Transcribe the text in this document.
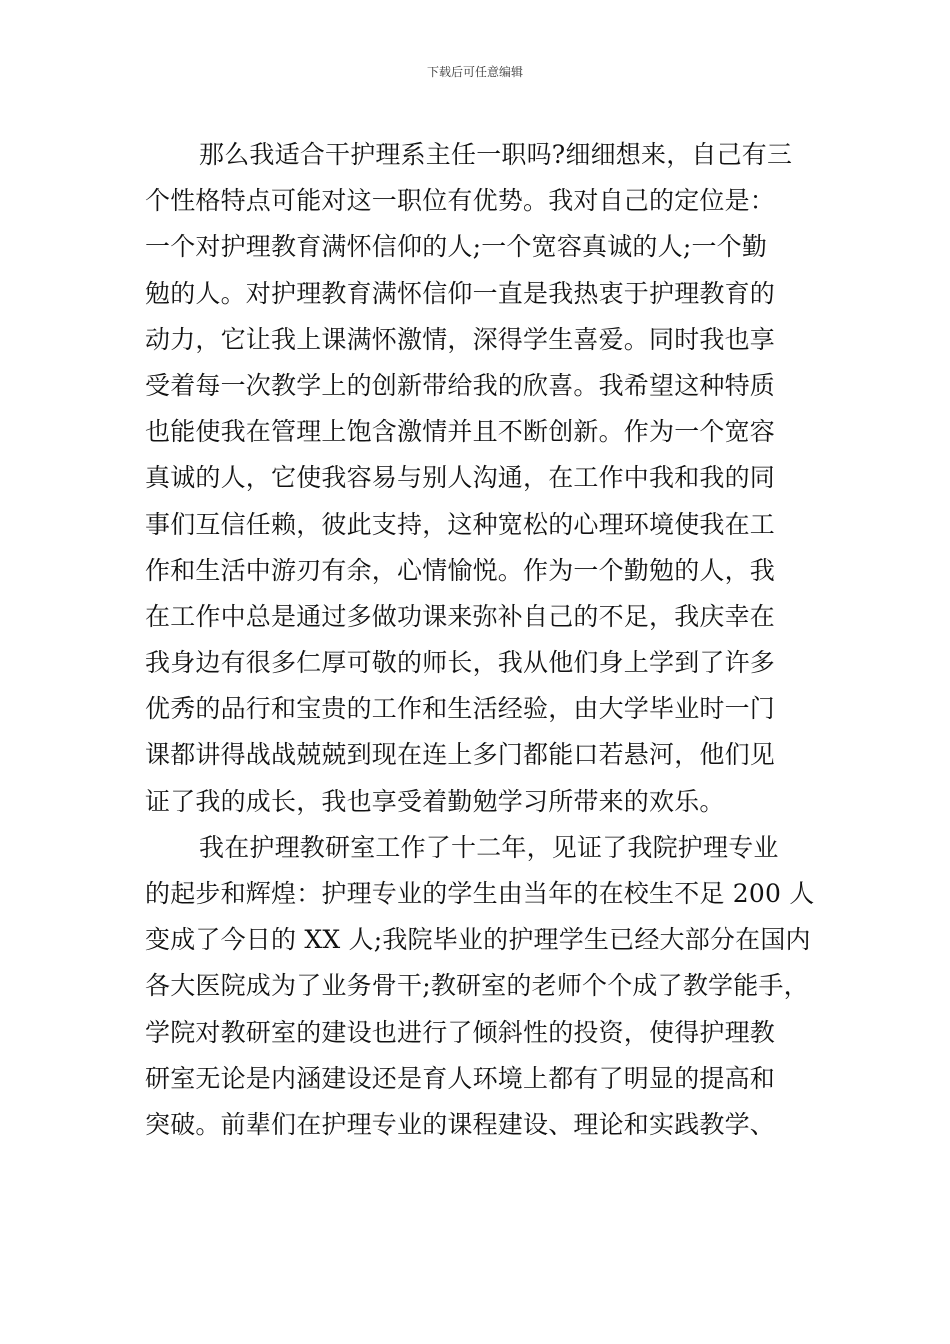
下载后可任意编辑
那么我适合干护理系主任一职吗?细细想来，自己有三
个性格特点可能对这一职位有优势。我对自己的定位是：
一个对护理教育满怀信仰的人;一个宽容真诚的人;一个勤
勉的人。对护理教育满怀信仰一直是我热衷于护理教育的
动力，它让我上课满怀激情，深得学生喜爱。同时我也享
受着每一次教学上的创新带给我的欣喜。我希望这种特质
也能使我在管理上饱含激情并且不断创新。作为一个宽容
真诚的人，它使我容易与别人沟通，在工作中我和我的同
事们互信任赖，彼此支持，这种宽松的心理环境使我在工
作和生活中游刃有余，心情愉悦。作为一个勤勉的人，我
在工作中总是通过多做功课来弥补自己的不足，我庆幸在
我身边有很多仁厚可敬的师长，我从他们身上学到了许多
优秀的品行和宝贵的工作和生活经验，由大学毕业时一门
课都讲得战战兢兢到现在连上多门都能口若悬河，他们见
证了我的成长，我也享受着勤勉学习所带来的欢乐。
我在护理教研室工作了十二年，见证了我院护理专业
的起步和辉煌：护理专业的学生由当年的在校生不足 200 人
变成了今日的 XX 人;我院毕业的护理学生已经大部分在国内
各大医院成为了业务骨干;教研室的老师个个成了教学能手，
学院对教研室的建设也进行了倾斜性的投资，使得护理教
研室无论是内涵建设还是育人环境上都有了明显的提高和
突破。前辈们在护理专业的课程建设、理论和实践教学、
